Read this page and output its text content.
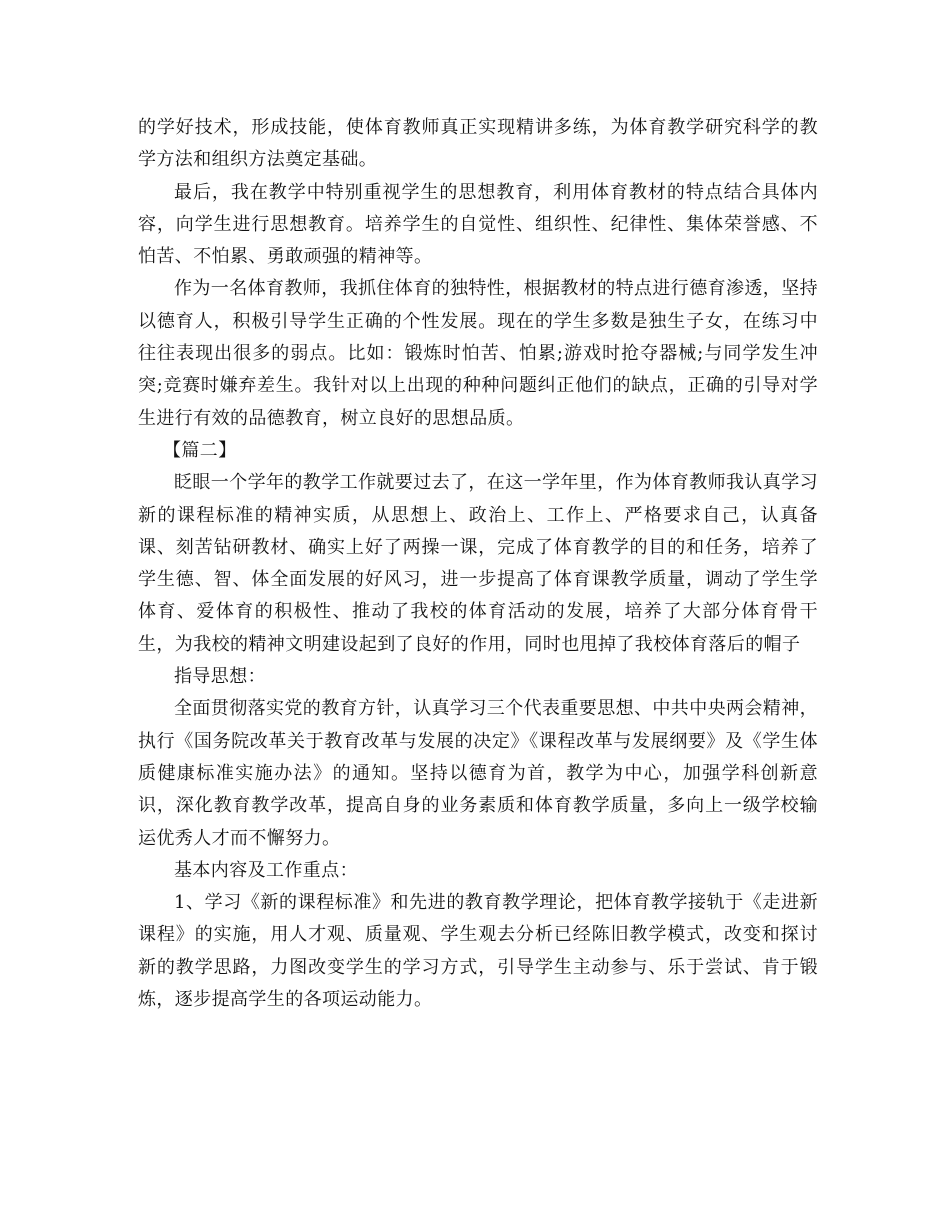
的学好技术，形成技能，使体育教师真正实现精讲多练，为体育教学研究科学的教学方法和组织方法奠定基础。

最后，我在教学中特别重视学生的思想教育，利用体育教材的特点结合具体内容，向学生进行思想教育。培养学生的自觉性、组织性、纪律性、集体荣誉感、不怕苦、不怕累、勇敢顽强的精神等。

作为一名体育教师，我抓住体育的独特性，根据教材的特点进行德育渗透，坚持以德育人，积极引导学生正确的个性发展。现在的学生多数是独生子女，在练习中往往表现出很多的弱点。比如：锻炼时怕苦、怕累;游戏时抢夺器械;与同学发生冲突;竞赛时嫌弃差生。我针对以上出现的种种问题纠正他们的缺点，正确的引导对学生进行有效的品德教育，树立良好的思想品质。

【篇二】

眨眼一个学年的教学工作就要过去了，在这一学年里，作为体育教师我认真学习新的课程标准的精神实质，从思想上、政治上、工作上、严格要求自己，认真备课、刻苦钻研教材、确实上好了两操一课，完成了体育教学的目的和任务，培养了学生德、智、体全面发展的好风习，进一步提高了体育课教学质量，调动了学生学体育、爱体育的积极性、推动了我校的体育活动的发展，培养了大部分体育骨干生，为我校的精神文明建设起到了良好的作用，同时也甩掉了我校体育落后的帽子

指导思想：

全面贯彻落实党的教育方针，认真学习三个代表重要思想、中共中央两会精神，执行《国务院改革关于教育改革与发展的决定》《课程改革与发展纲要》及《学生体质健康标准实施办法》的通知。坚持以德育为首，教学为中心，加强学科创新意识，深化教育教学改革，提高自身的业务素质和体育教学质量，多向上一级学校输运优秀人才而不懈努力。

基本内容及工作重点：

1、学习《新的课程标准》和先进的教育教学理论，把体育教学接轨于《走进新课程》的实施，用人才观、质量观、学生观去分析已经陈旧教学模式，改变和探讨新的教学思路，力图改变学生的学习方式，引导学生主动参与、乐于尝试、肯于锻炼，逐步提高学生的各项运动能力。
